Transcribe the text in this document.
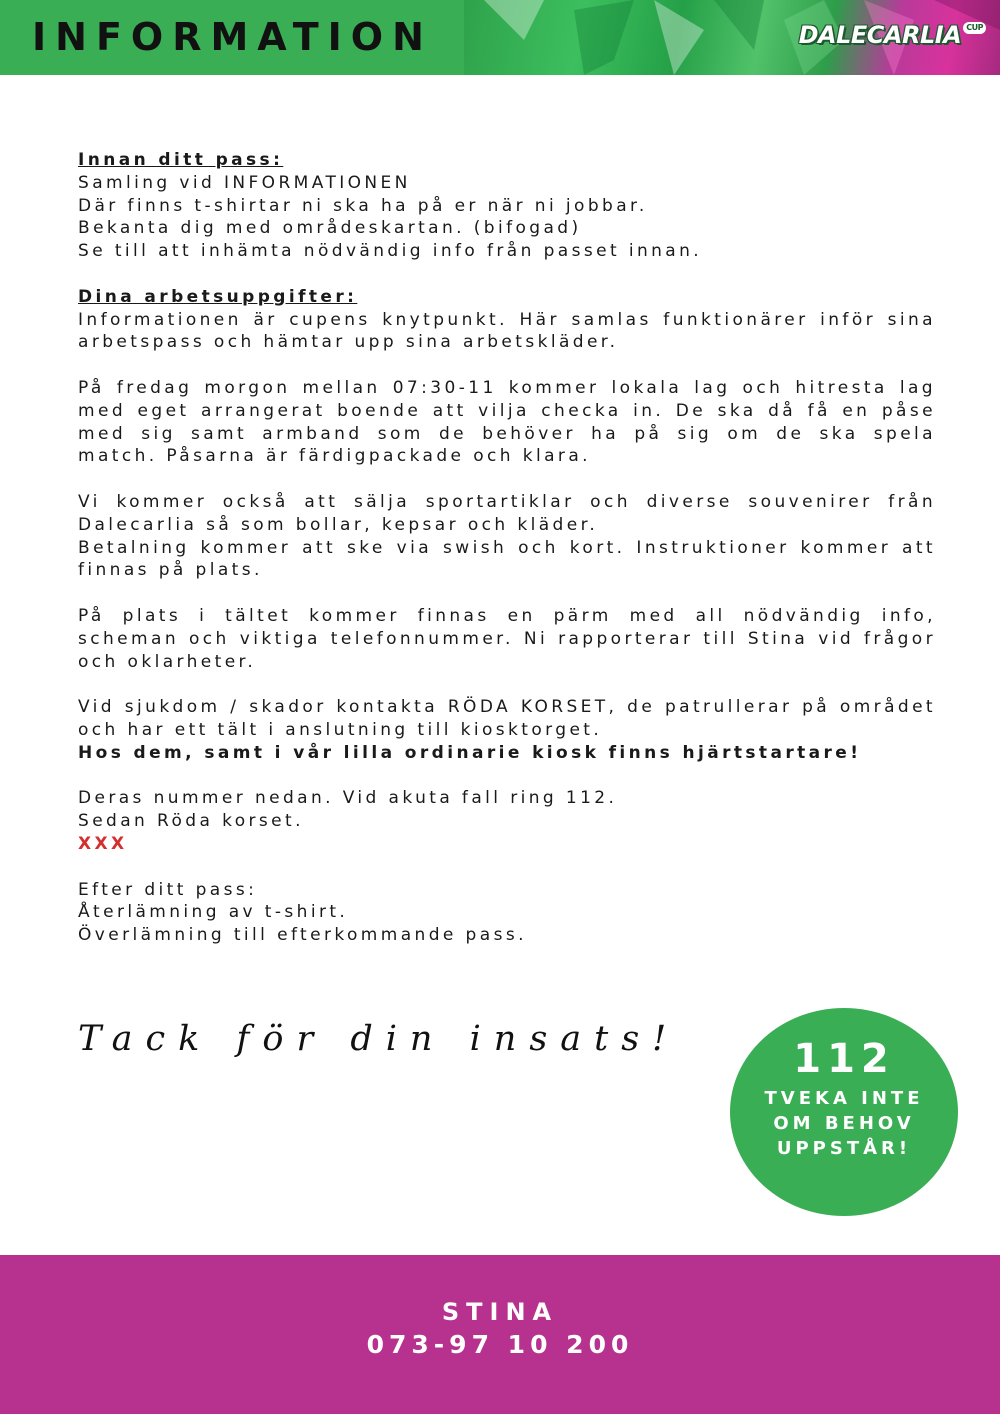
INFORMATION	DALECARLIA CUP

Innan ditt pass:

Samling vid INFORMATIONEN

Där finns t-shirtar ni ska ha på er när ni jobbar.

Bekanta dig med områdeskartan. (bifogad)

Se till att inhämta nödvändig info från passet innan.

Dina arbetsuppgifter:

Informationen är cupens knytpunkt. Här samlas funktionärer inför sina arbetspass och hämtar upp sina arbetskläder.

På fredag morgon mellan 07:30-11 kommer lokala lag och hitresta lag med eget arrangerat boende att vilja checka in. De ska då få en påse med sig samt armband som de behöver ha på sig om de ska spela match. Påsarna är färdigpackade och klara.

Vi kommer också att sälja sportartiklar och diverse souvenirer från Dalecarlia så som bollar, kepsar och kläder.

Betalning kommer att ske via swish och kort. Instruktioner kommer att finnas på plats.

På plats i tältet kommer finnas en pärm med all nödvändig info, scheman och viktiga telefonnummer. Ni rapporterar till Stina vid frågor och oklarheter.

Vid sjukdom / skador kontakta RÖDA KORSET, de patrullerar på området och har ett tält i anslutning till kiosktorget.

Hos dem, samt i vår lilla ordinarie kiosk finns hjärtstartare!

Deras nummer nedan. Vid akuta fall ring 112.

Sedan Röda korset.

XXX

Efter ditt pass:

Återlämning av t-shirt.

Överlämning till efterkommande pass.

Tack för din insats!	112
TVEKA INTE
OM BEHOV
UPPSTÅR!
STINA
073-97 10 200
